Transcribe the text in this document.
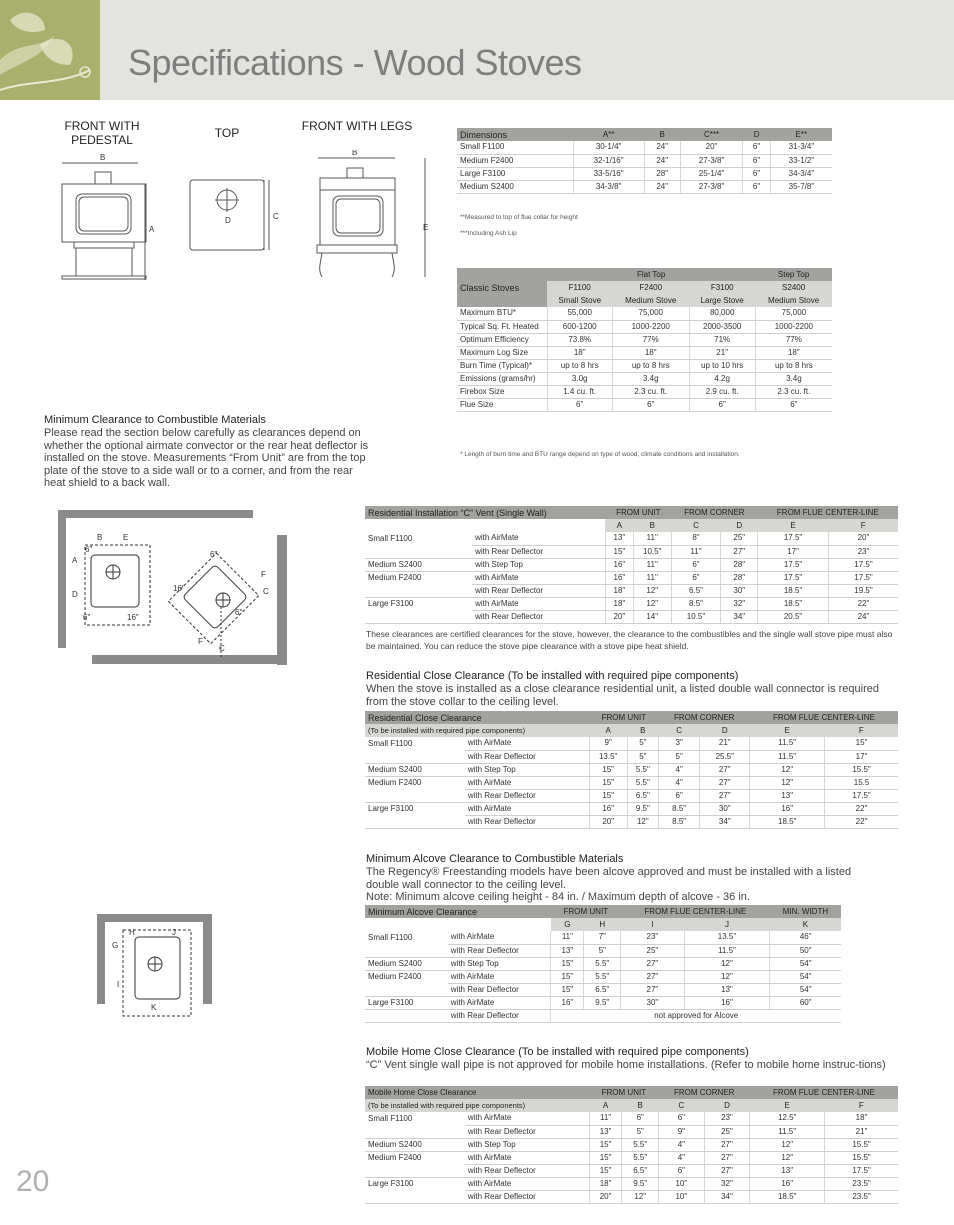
Specifications - Wood Stoves
FRONT WITH PEDESTAL	TOP	FRONT WITH LEGS
B
A
D	C
B
E
Dimensions	A**	B	C***	D	E**
Small F1100	30-1/4"	24"	20"	6"	31-3/4"
Medium F2400	32-1/16"	24"	27-3/8"	6"	33-1/2"
Large F3100	33-5/16"	28"	25-1/4"	6"	34-3/4"
Medium S2400	34-3/8"	24"	27-3/8"	6"	35-7/8"
**Measured to top of flue collar for height
***Including Ash Lip
Classic Stoves	Flat Top			Step Top
	F1100	F2400	F3100	S2400
	Small Stove	Medium Stove	Large Stove	Medium Stove
Maximum BTU*	55,000	75,000	80,000	75,000
Typical Sq. Ft. Heated	600-1200	1000-2200	2000-3500	1000-2200
Optimum Efficiency	73.8%	77%	71%	77%
Maximum Log Size	18"	18"	21"	18"
Burn Time (Typical)*	up to 8 hrs	up to 8 hrs	up to 10 hrs	up to 8 hrs
Emissions (grams/hr)	3.0g	3.4g	4.2g	3.4g
Firebox Size	1.4 cu. ft.	2.3 cu. ft.	2.9 cu. ft.	2.3 cu. ft.
Flue Size	6"	6"	6"	6"
* Length of burn time and BTU range depend on type of wood, climate conditions and installation.
Minimum Clearance to Combustible Materials
Please read the section below carefully as clearances depend on whether the optional airmate convector or the rear heat deflector is installed on the stove. Measurements “From Unit” are from the top plate of the stove to a side wall or to a corner, and from the rear heat shield to a back wall.
B	E
6"
A
D
6"	16"
6"
16"
F
C
6"
F
C
Residential Installation “C” Vent (Single Wall)		FROM UNIT		FROM CORNER		FROM FLUE CENTER-LINE	
		A	B	C	D	E	F
Small F1100	with AirMate	13"	11"	8"	25"	17.5"	20"
	with Rear Deflector	15"	10.5"	11"	27"	17"	23"
Medium S2400	with Step Top	16"	11"	6"	28"	17.5"	17.5"
Medium F2400	with AirMate	16"	11"	6"	28"	17.5"	17.5"
	with Rear Deflector	18"	12"	6.5"	30"	18.5"	19.5"
Large F3100	with AirMate	18"	12"	8.5"	32"	18.5"	22"
	with Rear Deflector	20"	14"	10.5"	34"	20.5"	24"
These clearances are certified clearances for the stove, however, the clearance to the combustibles and the single wall stove pipe must also be maintained. You can reduce the stove pipe clearance with a stove pipe heat shield.
Residential Close Clearance (To be installed with required pipe components)
When the stove is installed as a close clearance residential unit, a listed double wall connector is required from the stove collar to the ceiling level.
Residential Close Clearance		FROM UNIT		FROM CORNER		FROM FLUE CENTER-LINE	
(To be installed with required pipe components)		A	B	C	D	E	F
Small F1100	with AirMate	9"	5"	3"	21"	11.5"	15"
	with Rear Deflector	13.5"	5"	5"	25.5"	11.5"	17"
Medium S2400	with Step Top	15"	5.5"	4"	27"	12"	15.5"
Medium F2400	with AirMate	15"	5.5"	4"	27"	12"	15.5
	with Rear Deflector	15"	6.5"	6"	27"	13"	17.5"
Large F3100	with AirMate	16"	9.5"	8.5"	30"	16"	22"
	with Rear Deflector	20"	12"	8.5"	34"	18.5"	22"
Minimum Alcove Clearance to Combustible Materials
The Regency® Freestanding models have been alcove approved and must be installed with a listed double wall connector to the ceiling level.
Note: Minimum alcove ceiling height - 84 in. / Maximum depth of alcove - 36 in.
H	J
G
I
K
Minimum Alcove Clearance		FROM UNIT		FROM FLUE CENTER-LINE		MIN. WIDTH
		G	H	I	J	K
Small F1100	with AirMate	11"	7"	23"	13.5"	46"
	with Rear Deflector	13"	5"	25"	11.5"	50"
Medium S2400	with Step Top	15"	5.5"	27"	12"	54"
Medium F2400	with AirMate	15"	5.5"	27"	12"	54"
	with Rear Deflector	15"	6.5"	27"	13"	54"
Large F3100	with AirMate	16"	9.5"	30"	16"	60"
	with Rear Deflector	not approved for Alcove				
Mobile Home Close Clearance (To be installed with required pipe components)
“C” Vent single wall pipe is not approved for mobile home installations. (Refer to mobile home instruc-tions)
Mobile Home Close Clearance		FROM UNIT		FROM CORNER		FROM FLUE CENTER-LINE	
(To be installed with required pipe components)		A	B	C	D	E	F
Small F1100	with AirMate	11"	6"	6"	23"	12.5"	18"
	with Rear Deflector	13"	5"	9"	25"	11.5"	21"
Medium S2400	with Step Top	15"	5.5"	4"	27"	12"	15.5"
Medium F2400	with AirMate	15"	5.5"	4"	27"	12"	15.5"
	with Rear Deflector	15"	6.5"	6"	27"	13"	17.5"
Large F3100	with AirMate	18"	9.5"	10"	32"	16"	23.5"
	with Rear Deflector	20"	12"	10"	34"	18.5"	23.5"
20
